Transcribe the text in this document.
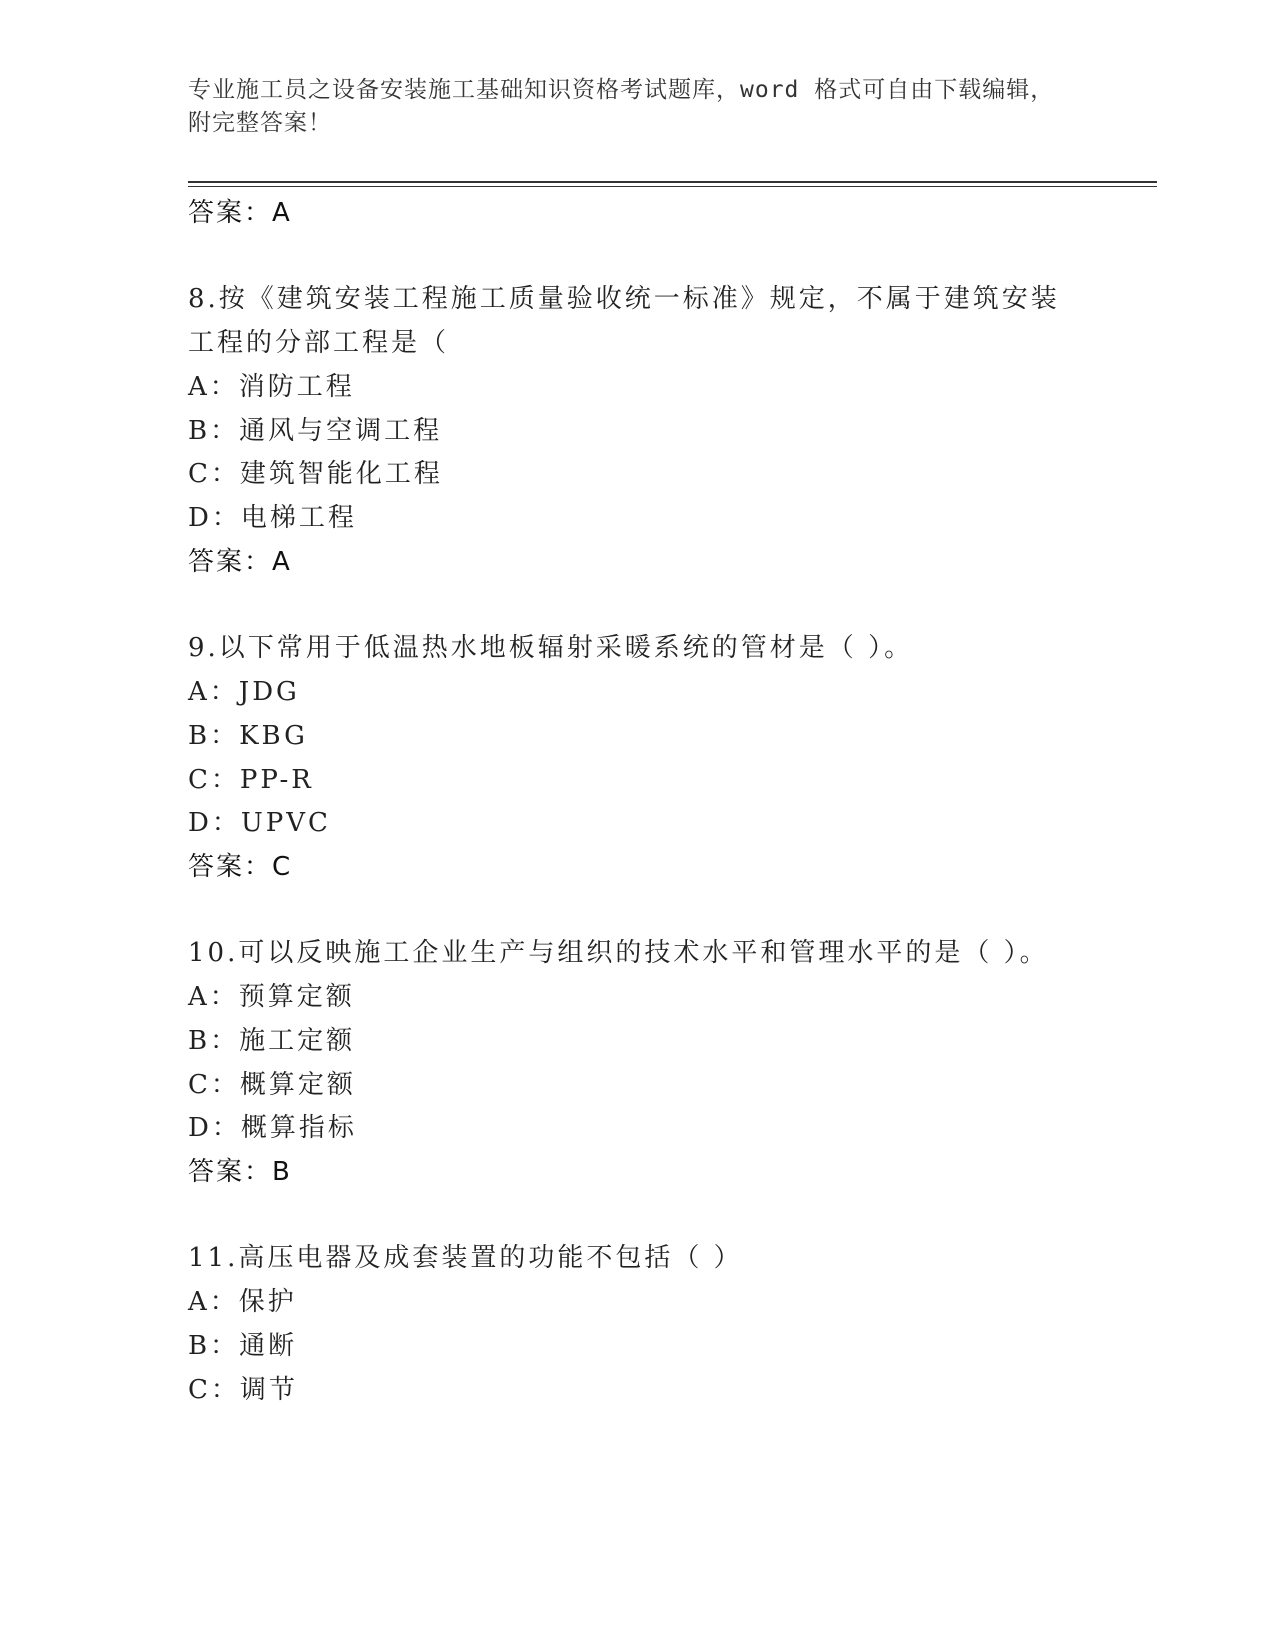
专业施工员之设备安装施工基础知识资格考试题库，word 格式可自由下载编辑，
附完整答案！
答案：A
8.按《建筑安装工程施工质量验收统一标准》规定，不属于建筑安装
工程的分部工程是（
A：消防工程
B：通风与空调工程
C：建筑智能化工程
D：电梯工程
答案：A
9.以下常用于低温热水地板辐射采暖系统的管材是（ ）。
A：JDG
B：KBG
C：PP-R
D：UPVC
答案：C
10.可以反映施工企业生产与组织的技术水平和管理水平的是（ ）。
A：预算定额
B：施工定额
C：概算定额
D：概算指标
答案：B
11.高压电器及成套装置的功能不包括（ ）
A：保护
B：通断
C：调节
